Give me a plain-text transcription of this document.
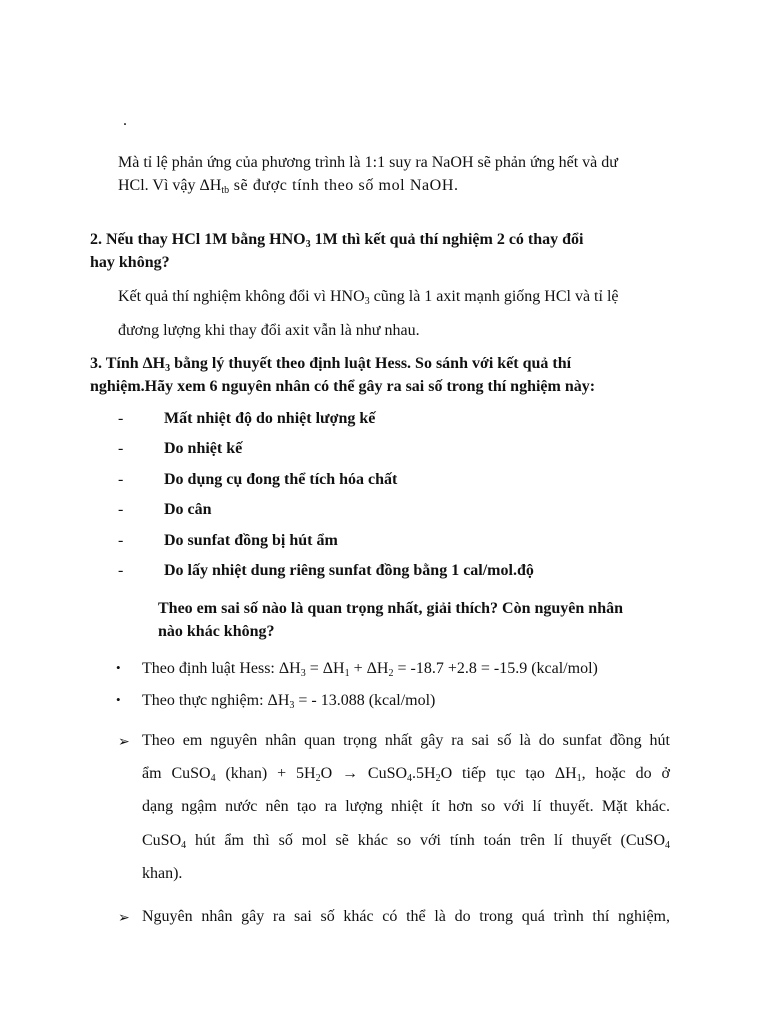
.
Mà tỉ lệ phản ứng của phương trình là 1:1 suy ra NaOH sẽ phản ứng hết và dư
HCl. Vì vậy $\Delta H_{tb}$ sẽ được tính theo số mol NaOH.
2. Nếu thay HCl 1M bằng $HNO_3$ 1M thì kết quả thí nghiệm 2 có thay đổi
hay không?
Kết quả thí nghiệm không đổi vì $HNO_3$ cũng là 1 axit mạnh giống HCl và tỉ lệ
đương lượng khi thay đổi axit vẫn là như nhau.
3. Tính $\Delta H_3$ bằng lý thuyết theo định luật Hess. So sánh với kết quả thí
nghiệm.Hãy xem 6 nguyên nhân có thể gây ra sai số trong thí nghiệm này:
-	Mất nhiệt độ do nhiệt lượng kế
-	Do nhiệt kế
-	Do dụng cụ đong thể tích hóa chất
-	Do cân
-	Do sunfat đồng bị hút ẩm
-	Do lấy nhiệt dung riêng sunfat đồng bằng 1 cal/mol.độ
Theo em sai số nào là quan trọng nhất, giải thích? Còn nguyên nhân
nào khác không?
• Theo định luật Hess: $\Delta H_3 = \Delta H_1 + \Delta H_2 = -18.7 +2.8 = -15.9$ (kcal/mol)
• Theo thực nghiệm: $\Delta H_3$ = - 13.088 (kcal/mol)
➢ Theo em nguyên nhân quan trọng nhất gây ra sai số là do sunfat đồng hút
ẩm CuSO$_4$ (khan) + $5H_2O$ → $CuSO_4.5H_2O$ tiếp tục tạo $\Delta H_1$, hoặc do ở
dạng ngậm nước nên tạo ra lượng nhiệt ít hơn so với lí thuyết. Mặt khác.
CuSO$_4$ hút ẩm thì số mol sẽ khác so với tính toán trên lí thuyết (CuSO$_4$
khan).
➢ Nguyên nhân gây ra sai số khác có thể là do trong quá trình thí nghiệm,
